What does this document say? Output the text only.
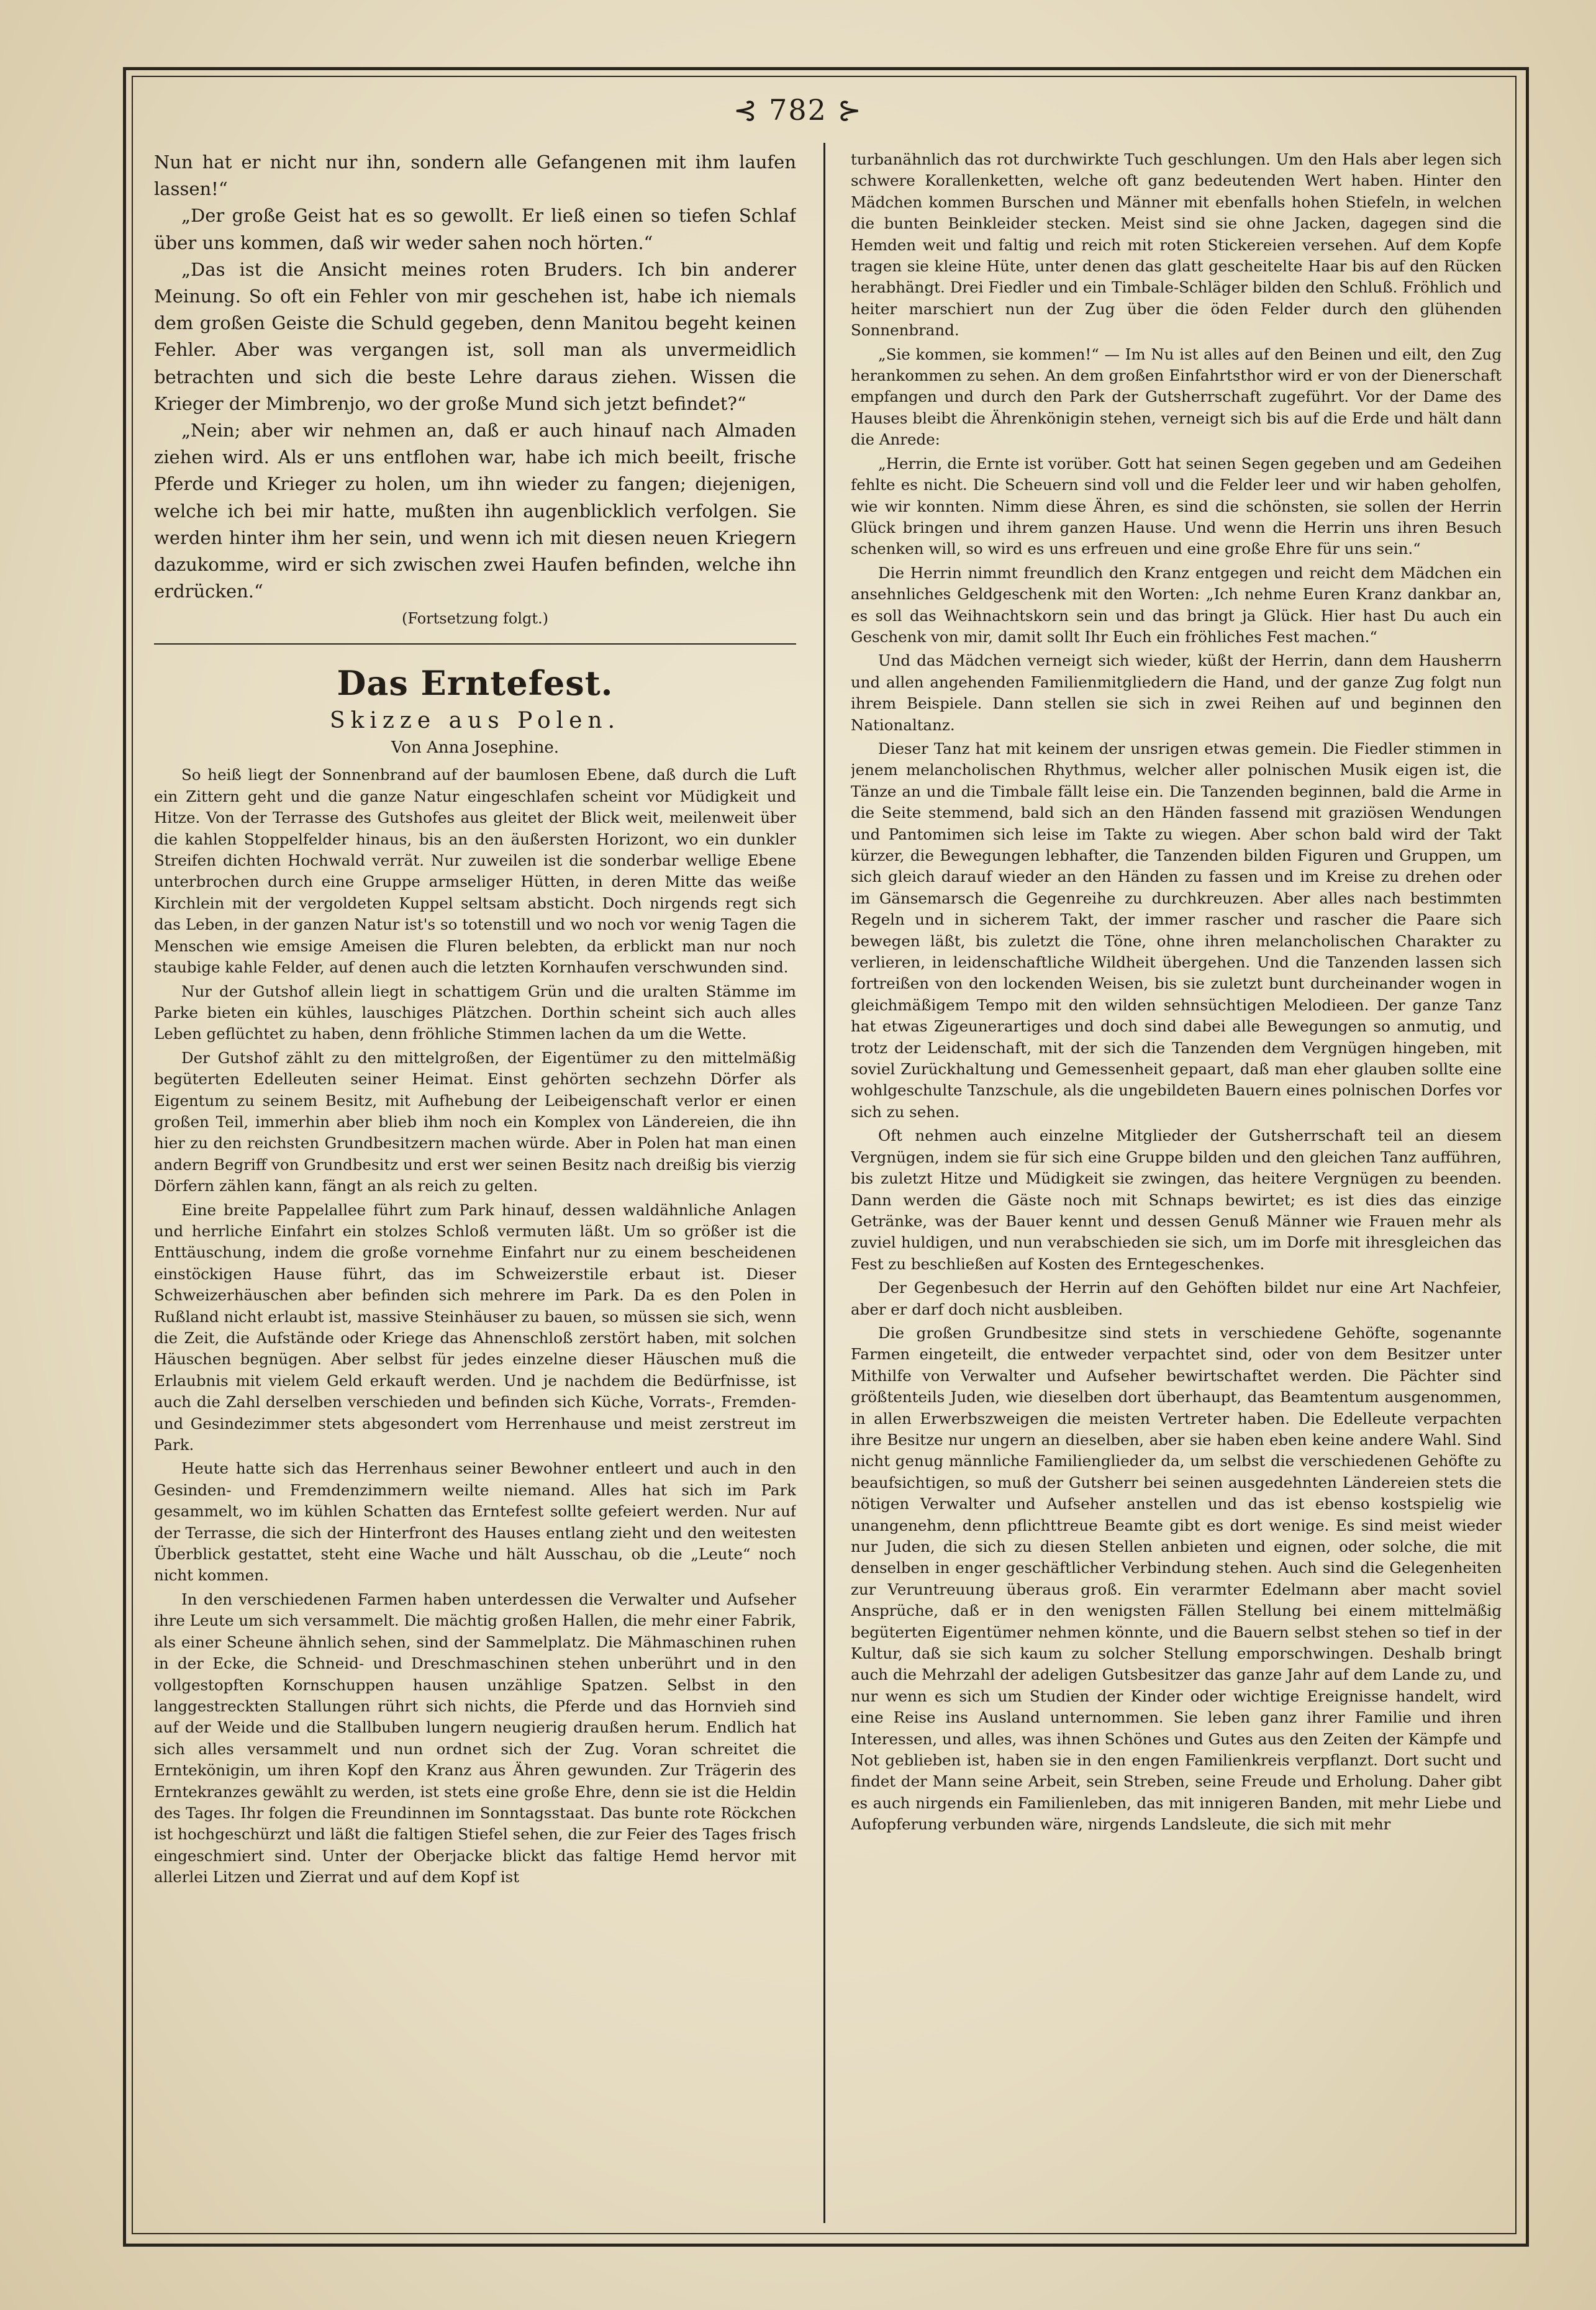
⊰ 782 ⊱

Nun hat er nicht nur ihn, sondern alle Gefangenen mit ihm laufen lassen!“

„Der große Geist hat es so gewollt. Er ließ einen so tiefen Schlaf über uns kommen, daß wir weder sahen noch hörten.“

„Das ist die Ansicht meines roten Bruders. Ich bin anderer Meinung. So oft ein Fehler von mir geschehen ist, habe ich niemals dem großen Geiste die Schuld gegeben, denn Manitou begeht keinen Fehler. Aber was vergangen ist, soll man als unvermeidlich betrachten und sich die beste Lehre daraus ziehen. Wissen die Krieger der Mimbrenjo, wo der große Mund sich jetzt befindet?“

„Nein; aber wir nehmen an, daß er auch hinauf nach Almaden ziehen wird. Als er uns entflohen war, habe ich mich beeilt, frische Pferde und Krieger zu holen, um ihn wieder zu fangen; diejenigen, welche ich bei mir hatte, mußten ihn augenblicklich verfolgen. Sie werden hinter ihm her sein, und wenn ich mit diesen neuen Kriegern dazukomme, wird er sich zwischen zwei Haufen befinden, welche ihn erdrücken.“

(Fortsetzung folgt.)
Das Erntefest.
Skizze aus Polen.
Von Anna Josephine.

So heiß liegt der Sonnenbrand auf der baumlosen Ebene, daß durch die Luft ein Zittern geht und die ganze Natur eingeschlafen scheint vor Müdigkeit und Hitze. Von der Terrasse des Gutshofes aus gleitet der Blick weit, meilenweit über die kahlen Stoppelfelder hinaus, bis an den äußersten Horizont, wo ein dunkler Streifen dichten Hochwald verrät. Nur zuweilen ist die sonderbar wellige Ebene unterbrochen durch eine Gruppe armseliger Hütten, in deren Mitte das weiße Kirchlein mit der vergoldeten Kuppel seltsam absticht. Doch nirgends regt sich das Leben, in der ganzen Natur ist's so totenstill und wo noch vor wenig Tagen die Menschen wie emsige Ameisen die Fluren belebten, da erblickt man nur noch staubige kahle Felder, auf denen auch die letzten Kornhaufen verschwunden sind.

Nur der Gutshof allein liegt in schattigem Grün und die uralten Stämme im Parke bieten ein kühles, lauschiges Plätzchen. Dorthin scheint sich auch alles Leben geflüchtet zu haben, denn fröhliche Stimmen lachen da um die Wette.

Der Gutshof zählt zu den mittelgroßen, der Eigentümer zu den mittelmäßig begüterten Edelleuten seiner Heimat. Einst gehörten sechzehn Dörfer als Eigentum zu seinem Besitz, mit Aufhebung der Leibeigenschaft verlor er einen großen Teil, immerhin aber blieb ihm noch ein Komplex von Ländereien, die ihn hier zu den reichsten Grundbesitzern machen würde. Aber in Polen hat man einen andern Begriff von Grundbesitz und erst wer seinen Besitz nach dreißig bis vierzig Dörfern zählen kann, fängt an als reich zu gelten.

Eine breite Pappelallee führt zum Park hinauf, dessen waldähnliche Anlagen und herrliche Einfahrt ein stolzes Schloß vermuten läßt. Um so größer ist die Enttäuschung, indem die große vornehme Einfahrt nur zu einem bescheidenen einstöckigen Hause führt, das im Schweizerstile erbaut ist. Dieser Schweizerhäuschen aber befinden sich mehrere im Park. Da es den Polen in Rußland nicht erlaubt ist, massive Steinhäuser zu bauen, so müssen sie sich, wenn die Zeit, die Aufstände oder Kriege das Ahnenschloß zerstört haben, mit solchen Häuschen begnügen. Aber selbst für jedes einzelne dieser Häuschen muß die Erlaubnis mit vielem Geld erkauft werden. Und je nachdem die Bedürfnisse, ist auch die Zahl derselben verschieden und befinden sich Küche, Vorrats-, Fremden- und Gesindezimmer stets abgesondert vom Herrenhause und meist zerstreut im Park.

Heute hatte sich das Herrenhaus seiner Bewohner entleert und auch in den Gesinden- und Fremdenzimmern weilte niemand. Alles hat sich im Park gesammelt, wo im kühlen Schatten das Erntefest sollte gefeiert werden. Nur auf der Terrasse, die sich der Hinterfront des Hauses entlang zieht und den weitesten Überblick gestattet, steht eine Wache und hält Ausschau, ob die „Leute“ noch nicht kommen.

In den verschiedenen Farmen haben unterdessen die Verwalter und Aufseher ihre Leute um sich versammelt. Die mächtig großen Hallen, die mehr einer Fabrik, als einer Scheune ähnlich sehen, sind der Sammelplatz. Die Mähmaschinen ruhen in der Ecke, die Schneid- und Dreschmaschinen stehen unberührt und in den vollgestopften Kornschuppen hausen unzählige Spatzen. Selbst in den langgestreckten Stallungen rührt sich nichts, die Pferde und das Hornvieh sind auf der Weide und die Stallbuben lungern neugierig draußen herum. Endlich hat sich alles versammelt und nun ordnet sich der Zug. Voran schreitet die Erntekönigin, um ihren Kopf den Kranz aus Ähren gewunden. Zur Trägerin des Erntekranzes gewählt zu werden, ist stets eine große Ehre, denn sie ist die Heldin des Tages. Ihr folgen die Freundinnen im Sonntagsstaat. Das bunte rote Röckchen ist hochgeschürzt und läßt die faltigen Stiefel sehen, die zur Feier des Tages frisch eingeschmiert sind. Unter der Oberjacke blickt das faltige Hemd hervor mit allerlei Litzen und Zierrat und auf dem Kopf ist

turbanähnlich das rot durchwirkte Tuch geschlungen. Um den Hals aber legen sich schwere Korallenketten, welche oft ganz bedeutenden Wert haben. Hinter den Mädchen kommen Burschen und Männer mit ebenfalls hohen Stiefeln, in welchen die bunten Beinkleider stecken. Meist sind sie ohne Jacken, dagegen sind die Hemden weit und faltig und reich mit roten Stickereien versehen. Auf dem Kopfe tragen sie kleine Hüte, unter denen das glatt gescheitelte Haar bis auf den Rücken herabhängt. Drei Fiedler und ein Timbale-Schläger bilden den Schluß. Fröhlich und heiter marschiert nun der Zug über die öden Felder durch den glühenden Sonnenbrand.

„Sie kommen, sie kommen!“ — Im Nu ist alles auf den Beinen und eilt, den Zug herankommen zu sehen. An dem großen Einfahrtsthor wird er von der Dienerschaft empfangen und durch den Park der Gutsherrschaft zugeführt. Vor der Dame des Hauses bleibt die Ährenkönigin stehen, verneigt sich bis auf die Erde und hält dann die Anrede:

„Herrin, die Ernte ist vorüber. Gott hat seinen Segen gegeben und am Gedeihen fehlte es nicht. Die Scheuern sind voll und die Felder leer und wir haben geholfen, wie wir konnten. Nimm diese Ähren, es sind die schönsten, sie sollen der Herrin Glück bringen und ihrem ganzen Hause. Und wenn die Herrin uns ihren Besuch schenken will, so wird es uns erfreuen und eine große Ehre für uns sein.“

Die Herrin nimmt freundlich den Kranz entgegen und reicht dem Mädchen ein ansehnliches Geldgeschenk mit den Worten: „Ich nehme Euren Kranz dankbar an, es soll das Weihnachtskorn sein und das bringt ja Glück. Hier hast Du auch ein Geschenk von mir, damit sollt Ihr Euch ein fröhliches Fest machen.“

Und das Mädchen verneigt sich wieder, küßt der Herrin, dann dem Hausherrn und allen angehenden Familienmitgliedern die Hand, und der ganze Zug folgt nun ihrem Beispiele. Dann stellen sie sich in zwei Reihen auf und beginnen den Nationaltanz.

Dieser Tanz hat mit keinem der unsrigen etwas gemein. Die Fiedler stimmen in jenem melancholischen Rhythmus, welcher aller polnischen Musik eigen ist, die Tänze an und die Timbale fällt leise ein. Die Tanzenden beginnen, bald die Arme in die Seite stemmend, bald sich an den Händen fassend mit graziösen Wendungen und Pantomimen sich leise im Takte zu wiegen. Aber schon bald wird der Takt kürzer, die Bewegungen lebhafter, die Tanzenden bilden Figuren und Gruppen, um sich gleich darauf wieder an den Händen zu fassen und im Kreise zu drehen oder im Gänsemarsch die Gegenreihe zu durchkreuzen. Aber alles nach bestimmten Regeln und in sicherem Takt, der immer rascher und rascher die Paare sich bewegen läßt, bis zuletzt die Töne, ohne ihren melancholischen Charakter zu verlieren, in leidenschaftliche Wildheit übergehen. Und die Tanzenden lassen sich fortreißen von den lockenden Weisen, bis sie zuletzt bunt durcheinander wogen in gleichmäßigem Tempo mit den wilden sehnsüchtigen Melodieen. Der ganze Tanz hat etwas Zigeunerartiges und doch sind dabei alle Bewegungen so anmutig, und trotz der Leidenschaft, mit der sich die Tanzenden dem Vergnügen hingeben, mit soviel Zurückhaltung und Gemessenheit gepaart, daß man eher glauben sollte eine wohlgeschulte Tanzschule, als die ungebildeten Bauern eines polnischen Dorfes vor sich zu sehen.

Oft nehmen auch einzelne Mitglieder der Gutsherrschaft teil an diesem Vergnügen, indem sie für sich eine Gruppe bilden und den gleichen Tanz aufführen, bis zuletzt Hitze und Müdigkeit sie zwingen, das heitere Vergnügen zu beenden. Dann werden die Gäste noch mit Schnaps bewirtet; es ist dies das einzige Getränke, was der Bauer kennt und dessen Genuß Männer wie Frauen mehr als zuviel huldigen, und nun verabschieden sie sich, um im Dorfe mit ihresgleichen das Fest zu beschließen auf Kosten des Erntegeschenkes.

Der Gegenbesuch der Herrin auf den Gehöften bildet nur eine Art Nachfeier, aber er darf doch nicht ausbleiben.

Die großen Grundbesitze sind stets in verschiedene Gehöfte, sogenannte Farmen eingeteilt, die entweder verpachtet sind, oder von dem Besitzer unter Mithilfe von Verwalter und Aufseher bewirtschaftet werden. Die Pächter sind größtenteils Juden, wie dieselben dort überhaupt, das Beamtentum ausgenommen, in allen Erwerbszweigen die meisten Vertreter haben. Die Edelleute verpachten ihre Besitze nur ungern an dieselben, aber sie haben eben keine andere Wahl. Sind nicht genug männliche Familienglieder da, um selbst die verschiedenen Gehöfte zu beaufsichtigen, so muß der Gutsherr bei seinen ausgedehnten Ländereien stets die nötigen Verwalter und Aufseher anstellen und das ist ebenso kostspielig wie unangenehm, denn pflichttreue Beamte gibt es dort wenige. Es sind meist wieder nur Juden, die sich zu diesen Stellen anbieten und eignen, oder solche, die mit denselben in enger geschäftlicher Verbindung stehen. Auch sind die Gelegenheiten zur Veruntreuung überaus groß. Ein verarmter Edelmann aber macht soviel Ansprüche, daß er in den wenigsten Fällen Stellung bei einem mittelmäßig begüterten Eigentümer nehmen könnte, und die Bauern selbst stehen so tief in der Kultur, daß sie sich kaum zu solcher Stellung emporschwingen. Deshalb bringt auch die Mehrzahl der adeligen Gutsbesitzer das ganze Jahr auf dem Lande zu, und nur wenn es sich um Studien der Kinder oder wichtige Ereignisse handelt, wird eine Reise ins Ausland unternommen. Sie leben ganz ihrer Familie und ihren Interessen, und alles, was ihnen Schönes und Gutes aus den Zeiten der Kämpfe und Not geblieben ist, haben sie in den engen Familienkreis verpflanzt. Dort sucht und findet der Mann seine Arbeit, sein Streben, seine Freude und Erholung. Daher gibt es auch nirgends ein Familienleben, das mit innigeren Banden, mit mehr Liebe und Aufopferung verbunden wäre, nirgends Landsleute, die sich mit mehr
